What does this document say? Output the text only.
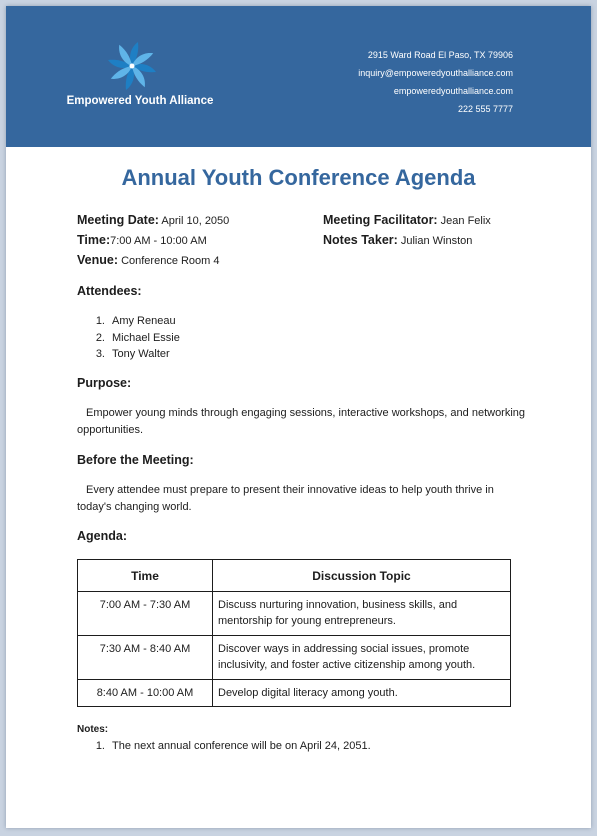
Empowered Youth Alliance
2915 Ward Road El Paso, TX 79906
inquiry@empoweredyouthalliance.com
empoweredyouthalliance.com
222 555 7777
Annual Youth Conference Agenda
Meeting Date: April 10, 2050
Time:7:00 AM - 10:00 AM
Venue: Conference Room 4
Meeting Facilitator: Jean Felix
Notes Taker: Julian Winston
Attendees:
1. Amy Reneau
2. Michael Essie
3. Tony Walter
Purpose:
Empower young minds through engaging sessions, interactive workshops, and networking opportunities.
Before the Meeting:
Every attendee must prepare to present their innovative ideas to help youth thrive in today's changing world.
Agenda:
Time	Discussion Topic
7:00 AM - 7:30 AM	Discuss nurturing innovation, business skills, and mentorship for young entrepreneurs.
7:30 AM - 8:40 AM	Discover ways in addressing social issues, promote inclusivity, and foster active citizenship among youth.
8:40 AM - 10:00 AM	Develop digital literacy among youth.
Notes:
1. The next annual conference will be on April 24, 2051.
